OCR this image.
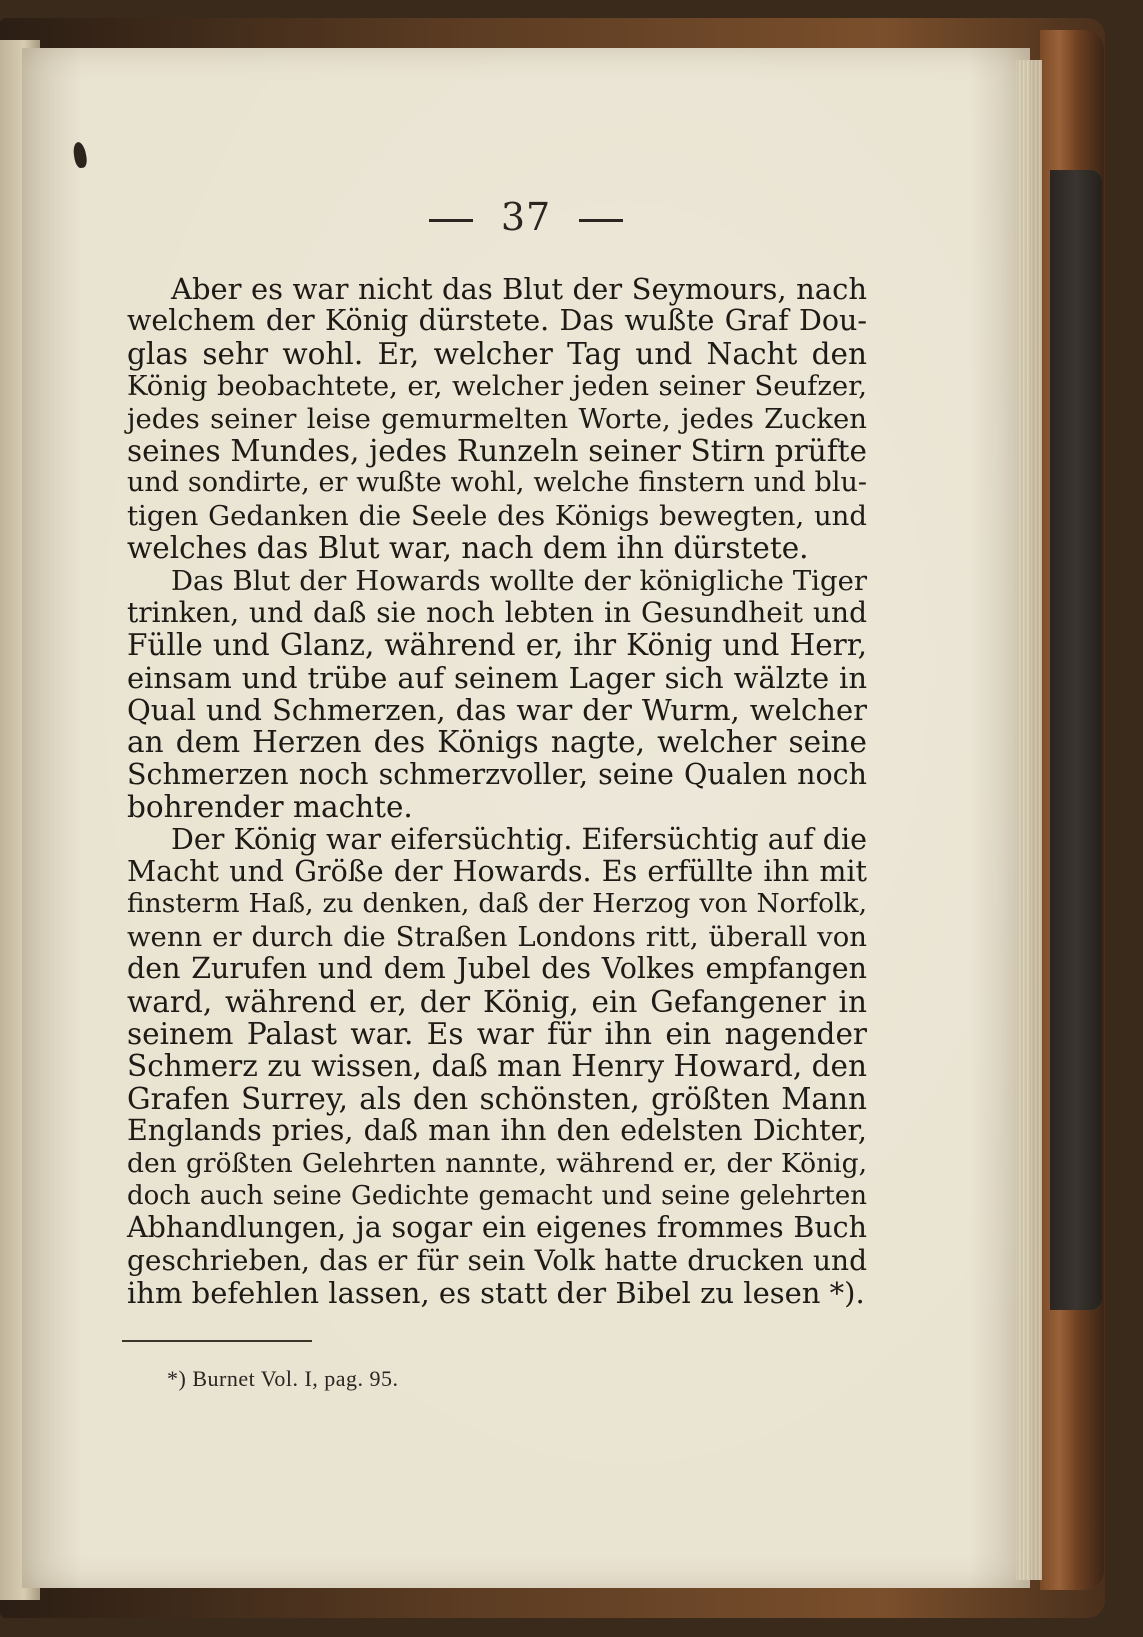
37
Aber es war nicht das Blut der Seymours, nach
welchem der König dürstete. Das wußte Graf Dou-
glas sehr wohl. Er, welcher Tag und Nacht den
König beobachtete, er, welcher jeden seiner Seufzer,
jedes seiner leise gemurmelten Worte, jedes Zucken
seines Mundes, jedes Runzeln seiner Stirn prüfte
und sondirte, er wußte wohl, welche finstern und blu-
tigen Gedanken die Seele des Königs bewegten, und
welches das Blut war, nach dem ihn dürstete.
Das Blut der Howards wollte der königliche Tiger
trinken, und daß sie noch lebten in Gesundheit und
Fülle und Glanz, während er, ihr König und Herr,
einsam und trübe auf seinem Lager sich wälzte in
Qual und Schmerzen, das war der Wurm, welcher
an dem Herzen des Königs nagte, welcher seine
Schmerzen noch schmerzvoller, seine Qualen noch
bohrender machte.
Der König war eifersüchtig. Eifersüchtig auf die
Macht und Größe der Howards. Es erfüllte ihn mit
finsterm Haß, zu denken, daß der Herzog von Norfolk,
wenn er durch die Straßen Londons ritt, überall von
den Zurufen und dem Jubel des Volkes empfangen
ward, während er, der König, ein Gefangener in
seinem Palast war. Es war für ihn ein nagender
Schmerz zu wissen, daß man Henry Howard, den
Grafen Surrey, als den schönsten, größten Mann
Englands pries, daß man ihn den edelsten Dichter,
den größten Gelehrten nannte, während er, der König,
doch auch seine Gedichte gemacht und seine gelehrten
Abhandlungen, ja sogar ein eigenes frommes Buch
geschrieben, das er für sein Volk hatte drucken und
ihm befehlen lassen, es statt der Bibel zu lesen *).
*) Burnet Vol. I, pag. 95.
